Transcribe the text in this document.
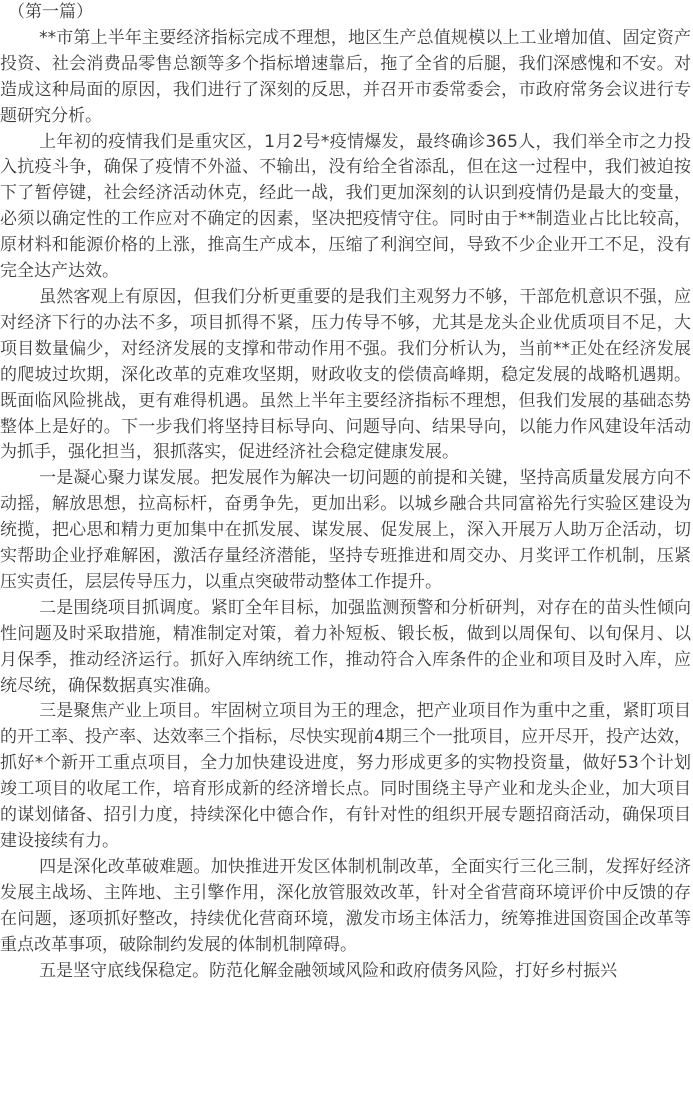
（第一篇）

**市第上半年主要经济指标完成不理想，地区生产总值规模以上工业增加值、固定资产投资、社会消费品零售总额等多个指标增速靠后，拖了全省的后腿，我们深感愧和不安。对造成这种局面的原因，我们进行了深刻的反思，并召开市委常委会，市政府常务会议进行专题研究分析。

上年初的疫情我们是重灾区，1月2号*疫情爆发，最终确诊365人，我们举全市之力投入抗疫斗争，确保了疫情不外溢、不输出，没有给全省添乱，但在这一过程中，我们被迫按下了暂停键，社会经济活动休克，经此一战，我们更加深刻的认识到疫情仍是最大的变量，必须以确定性的工作应对不确定的因素，坚决把疫情守住。同时由于**制造业占比比较高，原材料和能源价格的上涨，推高生产成本，压缩了利润空间，导致不少企业开工不足，没有完全达产达效。

虽然客观上有原因，但我们分析更重要的是我们主观努力不够，干部危机意识不强，应对经济下行的办法不多，项目抓得不紧，压力传导不够，尤其是龙头企业优质项目不足，大项目数量偏少，对经济发展的支撑和带动作用不强。我们分析认为，当前**正处在经济发展的爬坡过坎期，深化改革的克难攻坚期，财政收支的偿债高峰期，稳定发展的战略机遇期。既面临风险挑战，更有难得机遇。虽然上半年主要经济指标不理想，但我们发展的基础态势整体上是好的。下一步我们将坚持目标导向、问题导向、结果导向，以能力作风建设年活动为抓手，强化担当，狠抓落实，促进经济社会稳定健康发展。

一是凝心聚力谋发展。把发展作为解决一切问题的前提和关键，坚持高质量发展方向不动摇，解放思想，拉高标杆，奋勇争先，更加出彩。以城乡融合共同富裕先行实验区建设为统揽，把心思和精力更加集中在抓发展、谋发展、促发展上，深入开展万人助万企活动，切实帮助企业抒难解困，激活存量经济潜能，坚持专班推进和周交办、月奖评工作机制，压紧压实责任，层层传导压力，以重点突破带动整体工作提升。

二是围绕项目抓调度。紧盯全年目标，加强监测预警和分析研判，对存在的苗头性倾向性问题及时采取措施，精准制定对策，着力补短板、锻长板，做到以周保旬、以旬保月、以月保季，推动经济运行。抓好入库纳统工作，推动符合入库条件的企业和项目及时入库，应统尽统，确保数据真实准确。

三是聚焦产业上项目。牢固树立项目为王的理念，把产业项目作为重中之重，紧盯项目的开工率、投产率、达效率三个指标，尽快实现前4期三个一批项目，应开尽开，投产达效，抓好*个新开工重点项目，全力加快建设进度，努力形成更多的实物投资量，做好53个计划竣工项目的收尾工作，培育形成新的经济增长点。同时围绕主导产业和龙头企业，加大项目的谋划储备、招引力度，持续深化中德合作，有针对性的组织开展专题招商活动，确保项目建设接续有力。

四是深化改革破难题。加快推进开发区体制机制改革，全面实行三化三制，发挥好经济发展主战场、主阵地、主引擎作用，深化放管服效改革，针对全省营商环境评价中反馈的存在问题，逐项抓好整改，持续优化营商环境，激发市场主体活力，统筹推进国资国企改革等重点改革事项，破除制约发展的体制机制障碍。

五是坚守底线保稳定。防范化解金融领域风险和政府债务风险，打好乡村振兴
